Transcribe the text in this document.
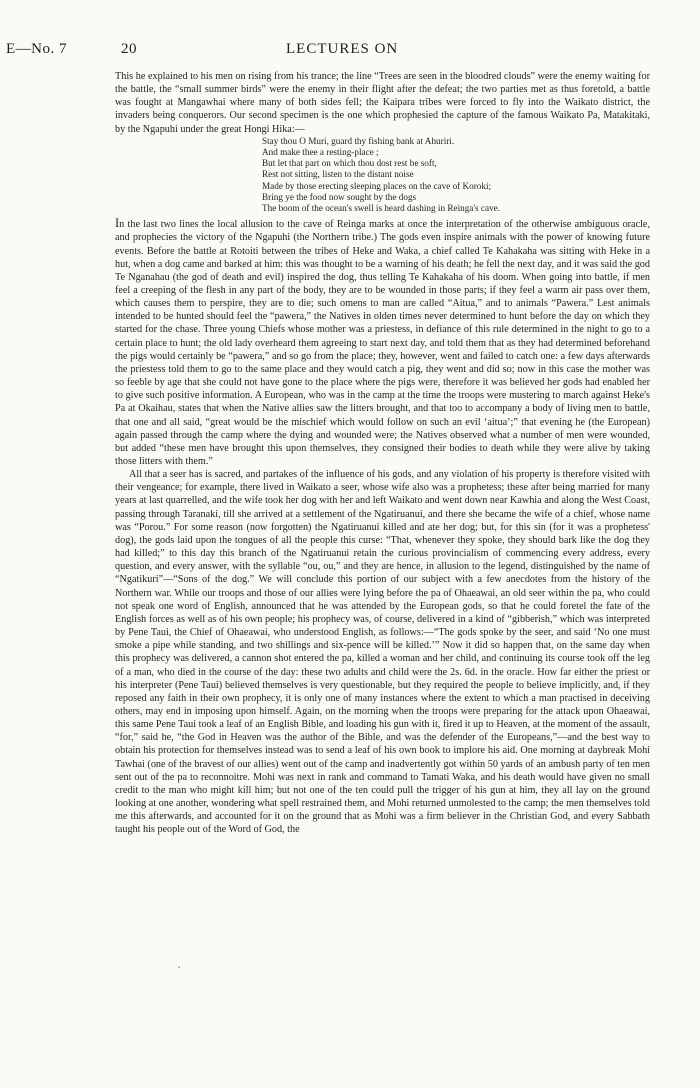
E—No. 7	20	LECTURES ON

This he explained to his men on rising from his trance; the line “Trees are seen in the bloodred clouds” were the enemy waiting for the battle, the “small summer birds” were the enemy in their flight after the defeat; the two parties met as thus foretold, a battle was fought at Mangawhai where many of both sides fell; the Kaipara tribes were forced to fly into the Waikato district, the invaders being conquerors. Our second specimen is the one which prophesied the capture of the famous Waikato Pa, Matakitaki, by the Ngapuhi under the great Hongi Hika:—

Stay thou O Muri, guard thy fishing bank at Ahuriri.
And make thee a resting-place ;
But let that part on which thou dost rest be soft,
Rest not sitting, listen to the distant noise
Made by those erecting sleeping places on the cave of Koroki;
Bring ye the food now sought by the dogs
The boom of the ocean's swell is heard dashing in Reinga's cave.

In the last two lines the local allusion to the cave of Reinga marks at once the interpretation of the otherwise ambiguous oracle, and prophecies the victory of the Ngapuhi (the Northern tribe.) The gods even inspire animals with the power of knowing future events. Before the battle at Rotoiti between the tribes of Heke and Waka, a chief called Te Kahakaha was sitting with Heke in a hut, when a dog came and barked at him: this was thought to be a warning of his death; he fell the next day, and it was said the god Te Nganahau (the god of death and evil) inspired the dog, thus telling Te Kahakaha of his doom. When going into battle, if men feel a creeping of the flesh in any part of the body, they are to be wounded in those parts; if they feel a warm air pass over them, which causes them to perspire, they are to die; such omens to man are called “Aitua,” and to animals “Pawera.” Lest animals intended to be hunted should feel the “pawera,” the Natives in olden times never determined to hunt before the day on which they started for the chase. Three young Chiefs whose mother was a priestess, in defiance of this rule determined in the night to go to a certain place to hunt; the old lady overheard them agreeing to start next day, and told them that as they had determined beforehand the pigs would certainly be “pawera,” and so go from the place; they, however, went and failed to catch one: a few days afterwards the priestess told them to go to the same place and they would catch a pig, they went and did so; now in this case the mother was so feeble by age that she could not have gone to the place where the pigs were, therefore it was believed her gods had enabled her to give such positive information. A European, who was in the camp at the time the troops were mustering to march against Heke's Pa at Okaihau, states that when the Native allies saw the litters brought, and that too to accompany a body of living men to battle, that one and all said, “great would be the mischief which would follow on such an evil ‘aitua’;” that evening he (the European) again passed through the camp where the dying and wounded were; the Natives observed what a number of men were wounded, but added “these men have brought this upon themselves, they consigned their bodies to death while they were alive by taking those litters with them.”

All that a seer has is sacred, and partakes of the influence of his gods, and any violation of his property is therefore visited with their vengeance; for example, there lived in Waikato a seer, whose wife also was a prophetess; these after being married for many years at last quarrelled, and the wife took her dog with her and left Waikato and went down near Kawhia and along the West Coast, passing through Taranaki, till she arrived at a settlement of the Ngatiruanui, and there she became the wife of a chief, whose name was “Porou.” For some reason (now forgotten) the Ngatiruanui killed and ate her dog; but, for this sin (for it was a prophetess' dog), the gods laid upon the tongues of all the people this curse: “That, whenever they spoke, they should bark like the dog they had killed;” to this day this branch of the Ngatiruanui retain the curious provincialism of commencing every address, every question, and every answer, with the syllable “ou, ou,” and they are hence, in allusion to the legend, distinguished by the name of “Ngatikuri”—“Sons of the dog.” We will conclude this portion of our subject with a few anecdotes from the history of the Northern war. While our troops and those of our allies were lying before the pa of Ohaeawai, an old seer within the pa, who could not speak one word of English, announced that he was attended by the European gods, so that he could foretel the fate of the English forces as well as of his own people; his prophecy was, of course, delivered in a kind of “gibberish,” which was interpreted by Pene Taui, the Chief of Ohaeawai, who understood English, as follows:—“The gods spoke by the seer, and said ‘No one must smoke a pipe while standing, and two shillings and six-pence will be killed.’” Now it did so happen that, on the same day when this prophecy was delivered, a cannon shot entered the pa, killed a woman and her child, and continuing its course took off the leg of a man, who died in the course of the day: these two adults and child were the 2s. 6d. in the oracle. How far either the priest or his interpreter (Pene Taui) believed themselves is very questionable, but they required the people to believe implicitly, and, if they reposed any faith in their own prophecy, it is only one of many instances where the extent to which a man practised in deceiving others, may end in imposing upon himself. Again, on the morning when the troops were preparing for the attack upon Ohaeawai, this same Pene Taui took a leaf of an English Bible, and loading his gun with it, fired it up to Heaven, at the moment of the assault, “for,” said he, “the God in Heaven was the author of the Bible, and was the defender of the Europeans,”—and the best way to obtain his protection for themselves instead was to send a leaf of his own book to implore his aid. One morning at daybreak Mohi Tawhai (one of the bravest of our allies) went out of the camp and inadvertently got within 50 yards of an ambush party of ten men sent out of the pa to reconnoitre. Mohi was next in rank and command to Tamati Waka, and his death would have given no small credit to the man who might kill him; but not one of the ten could pull the trigger of his gun at him, they all lay on the ground looking at one another, wondering what spell restrained them, and Mohi returned unmolested to the camp; the men themselves told me this afterwards, and accounted for it on the ground that as Mohi was a firm believer in the Christian God, and every Sabbath taught his people out of the Word of God, the

ꞏ
